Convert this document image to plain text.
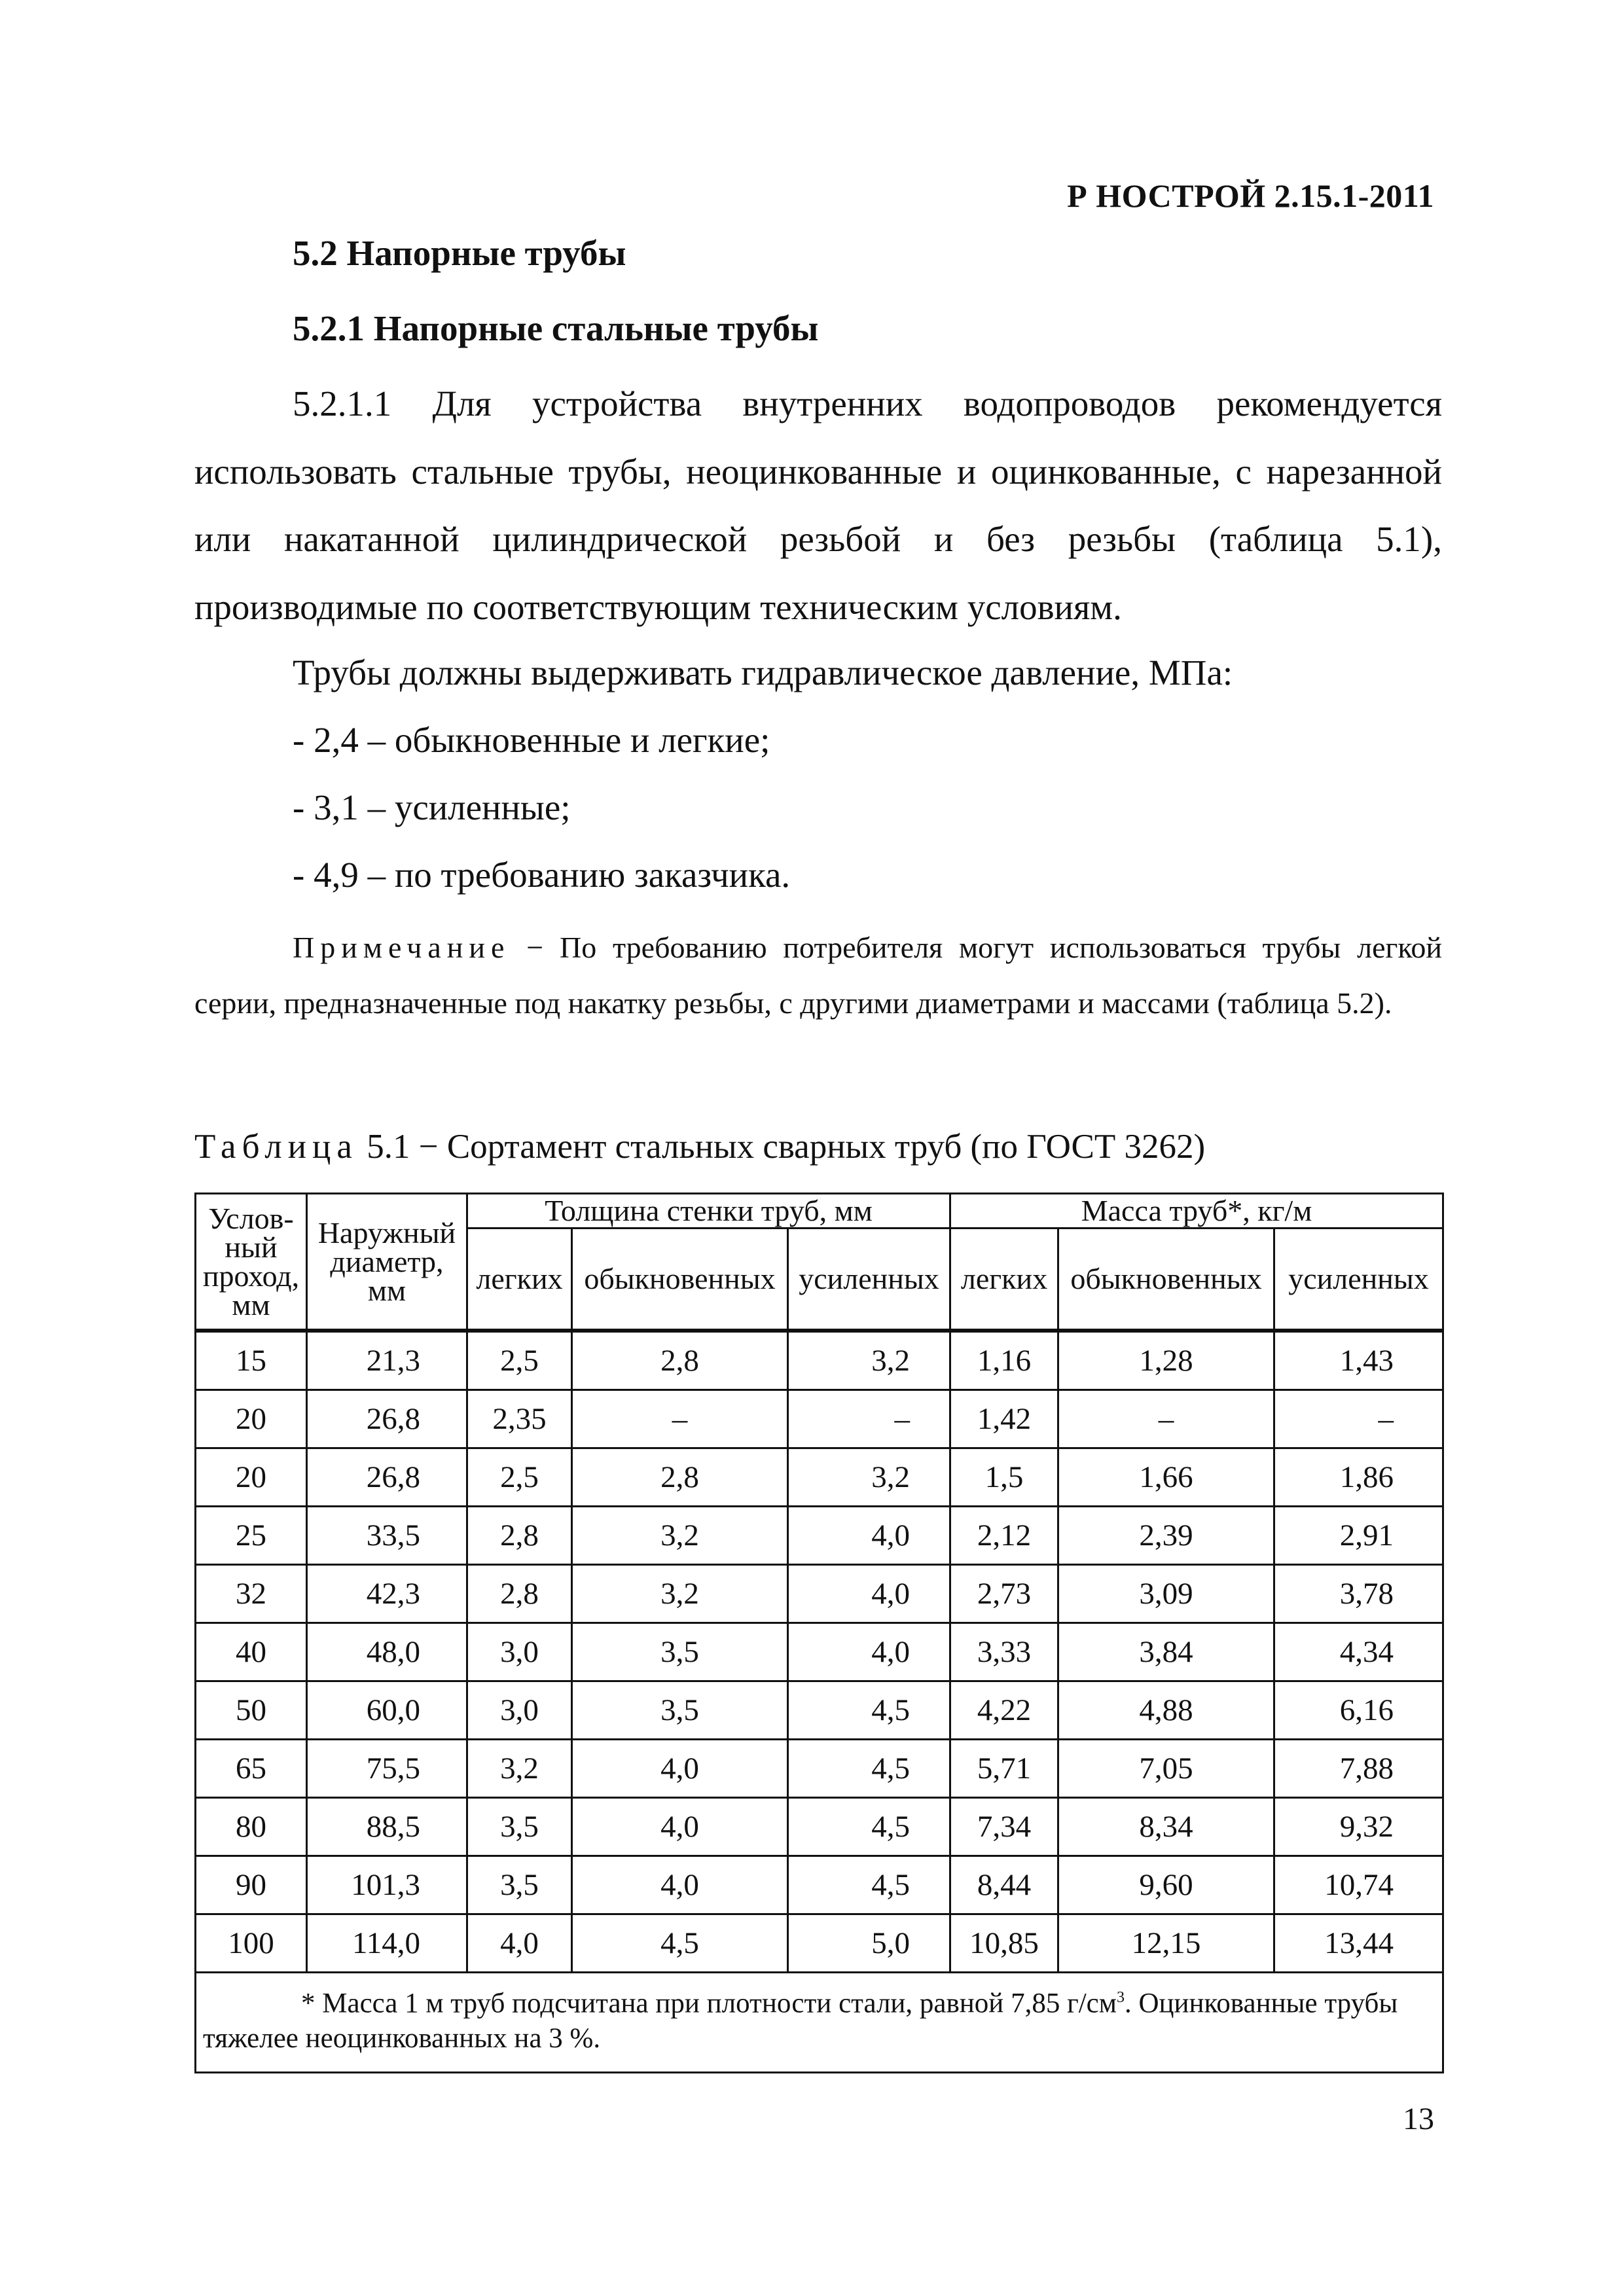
Р НОСТРОЙ 2.15.1-2011
5.2 Напорные трубы
5.2.1 Напорные стальные трубы

5.2.1.1 Для устройства внутренних водопроводов рекомендуется использовать стальные трубы, неоцинкованные и оцинкованные, с нарезанной или накатанной цилиндрической резьбой и без резьбы (таблица 5.1), производимые по соответствующим техническим условиям.

Трубы должны выдерживать гидравлическое давление, МПа:

- 2,4 – обыкновенные и легкие;

- 3,1 – усиленные;

- 4,9 – по требованию заказчика.

Примечание − По требованию потребителя могут использоваться трубы легкой серии, предназначенные под накатку резьбы, с другими диаметрами и массами (таблица 5.2).

Таблица 5.1 − Сортамент стальных сварных труб (по ГОСТ 3262)
Услов-ный проход, мм	Наружный диаметр, мм	Толщина стенки труб, мм			Масса труб*, кг/м		
		легких	обыкновенных	усиленных	легких	обыкновенных	усиленных
15	21,3	2,5	2,8	3,2	1,16	1,28	1,43
20	26,8	2,35	–	–	1,42	–	–
20	26,8	2,5	2,8	3,2	1,5	1,66	1,86
25	33,5	2,8	3,2	4,0	2,12	2,39	2,91
32	42,3	2,8	3,2	4,0	2,73	3,09	3,78
40	48,0	3,0	3,5	4,0	3,33	3,84	4,34
50	60,0	3,0	3,5	4,5	4,22	4,88	6,16
65	75,5	3,2	4,0	4,5	5,71	7,05	7,88
80	88,5	3,5	4,0	4,5	7,34	8,34	9,32
90	101,3	3,5	4,0	4,5	8,44	9,60	10,74
100	114,0	4,0	4,5	5,0	10,85	12,15	13,44
* Масса 1 м труб подсчитана при плотности стали, равной 7,85 $г/см^3$. Оцинкованные трубы тяжелее неоцинкованных на 3 %.							
13
